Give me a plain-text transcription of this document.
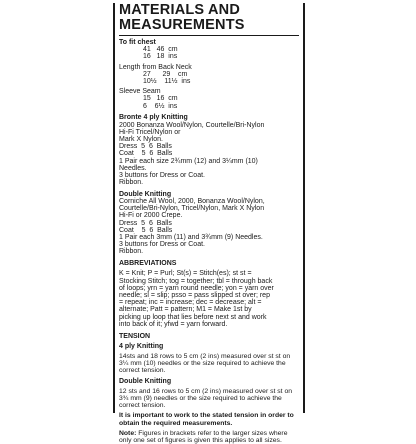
MATERIALS AND

MEASUREMENTS

To fit chest

41   46  cm

16   18  ins

Length from Back Neck

27      29    cm

10½    11½  ins

Sleeve Seam

15   16  cm

6    6½  ins

Bronte 4 ply Knitting

2000 Bonanza Wool/Nylon, Courtelle/Bri-Nylon

Hi-Fi Tricel/Nylon or

Mark X Nylon.

Dress  5  6  Balls

Coat    5  6  Balls

1 Pair each size 2¾mm (12) and 3¼mm (10)

Needles.

3 buttons for Dress or Coat.

Ribbon.

Double Knitting

Corniche All Wool, 2000, Bonanza Wool/Nylon,

Courtelle/Bri-Nylon, Tricel/Nylon, Mark X Nylon

Hi-Fi or 2000 Crepe.

Dress  5  6  Balls

Coat    5  6  Balls

1 Pair each 3mm (11) and 3¾mm (9) Needles.

3 buttons for Dress or Coat.

Ribbon.

ABBREVIATIONS

K = Knit; P = Purl; St(s) = Stitch(es); st st =

Stocking Stitch; tog = together; tbl = through back

of loops; yrn = yarn round needle; yon = yarn over

needle; sl = slip; psso = pass slipped st over; rep

= repeat; inc = increase; dec = decrease; alt =

alternate; Patt = pattern; M1 = Make 1st by

picking up loop that lies before next st and work

into back of it; yfwd = yarn forward.

TENSION

4 ply Knitting

14sts and 18 rows to 5 cm (2 ins) measured over st st on 3¼ mm (10) needles or the size required to achieve the correct tension.

Double Knitting

12 sts and 16 rows to 5 cm (2 ins) measured over st st on 3¾ mm (9) needles or the size required to achieve the correct tension.

It is important to work to the stated tension in order to obtain the required measurements.

Note: Figures in brackets refer to the larger sizes where only one set of figures is given this applies to all sizes.
